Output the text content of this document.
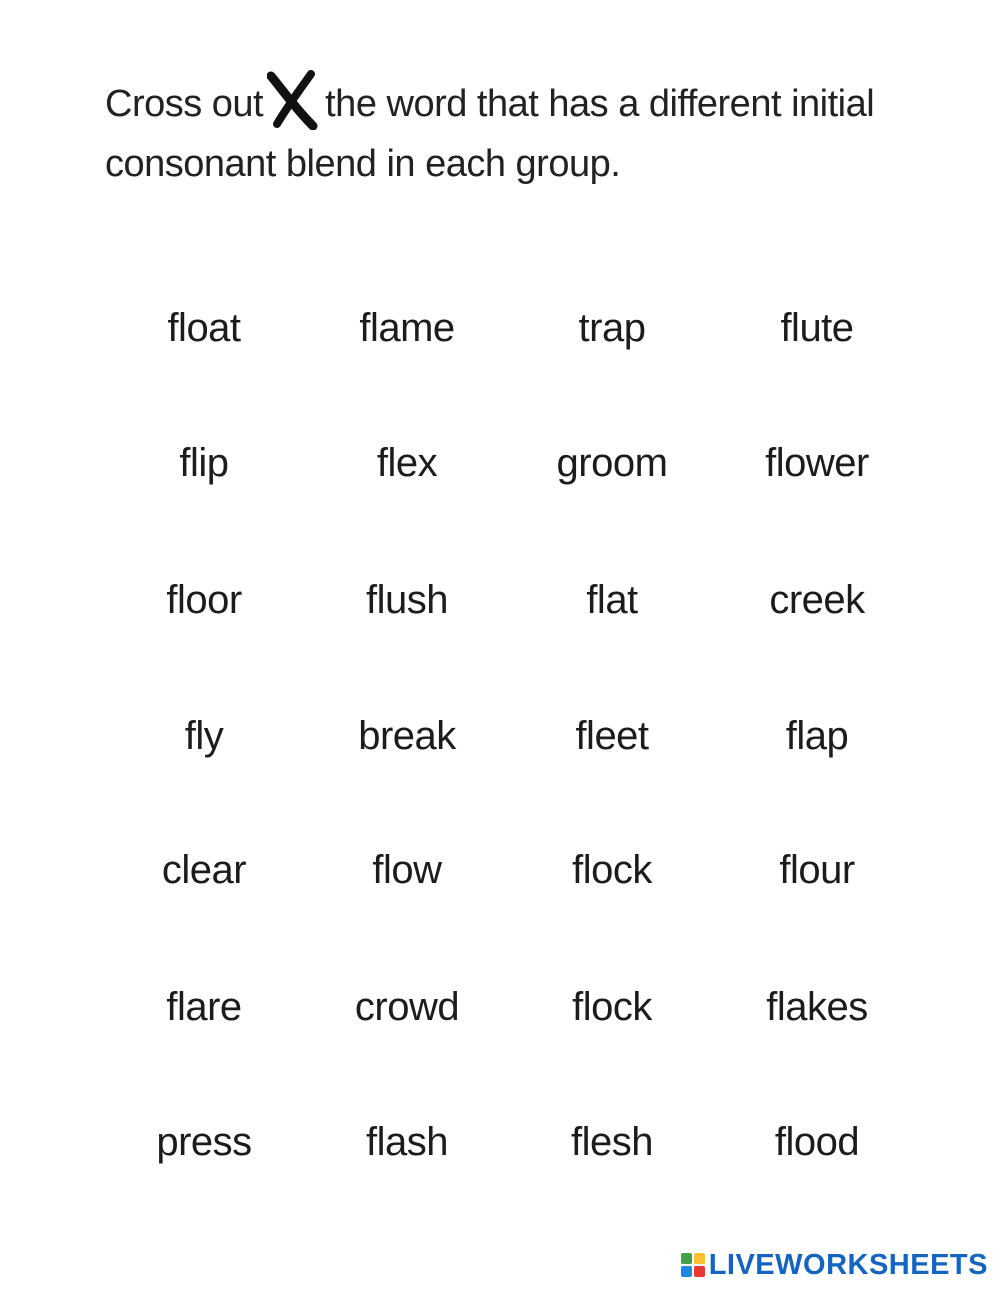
Cross out the word that has a different initial
consonant blend in each group.
float	flame	trap	flute
flip	flex	groom	flower
floor	flush	flat	creek
fly	break	fleet	flap
clear	flow	flock	flour
flare	crowd	flock	flakes
press	flash	flesh	flood
LIVEWORKSHEETS
